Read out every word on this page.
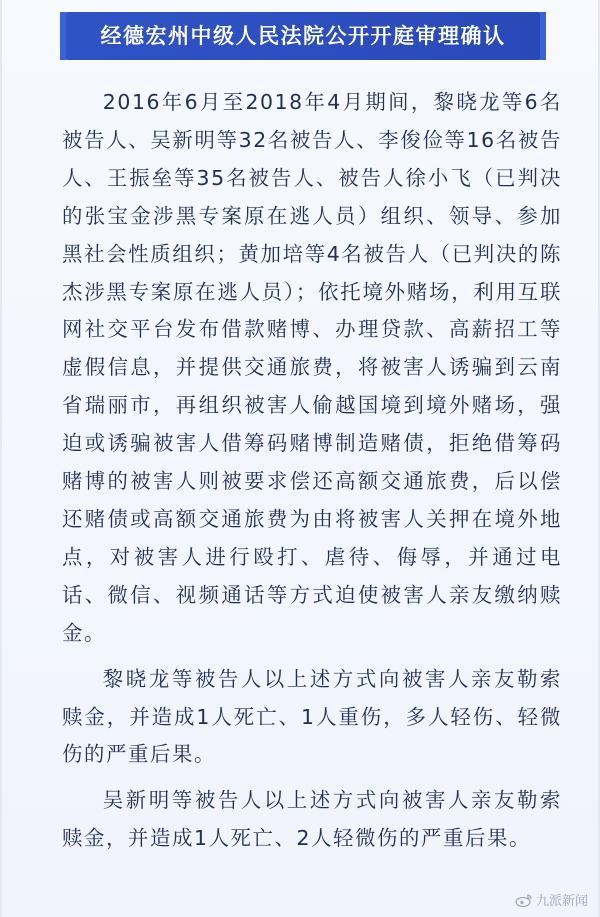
经德宏州中级人民法院公开开庭审理确认

2016年6月至2018年4月期间，黎晓龙等6名被告人、吴新明等32名被告人、李俊俭等16名被告人、王振垒等35名被告人、被告人徐小飞（已判决的张宝金涉黑专案原在逃人员）组织、领导、参加黑社会性质组织；黄加培等4名被告人（已判决的陈杰涉黑专案原在逃人员）；依托境外赌场，利用互联网社交平台发布借款赌博、办理贷款、高薪招工等虚假信息，并提供交通旅费，将被害人诱骗到云南省瑞丽市，再组织被害人偷越国境到境外赌场，强迫或诱骗被害人借筹码赌博制造赌债，拒绝借筹码赌博的被害人则被要求偿还高额交通旅费，后以偿还赌债或高额交通旅费为由将被害人关押在境外地点，对被害人进行殴打、虐待、侮辱，并通过电话、微信、视频通话等方式迫使被害人亲友缴纳赎金。

黎晓龙等被告人以上述方式向被害人亲友勒索赎金，并造成1人死亡、1人重伤，多人轻伤、轻微伤的严重后果。

吴新明等被告人以上述方式向被害人亲友勒索赎金，并造成1人死亡、2人轻微伤的严重后果。

九派新闻
